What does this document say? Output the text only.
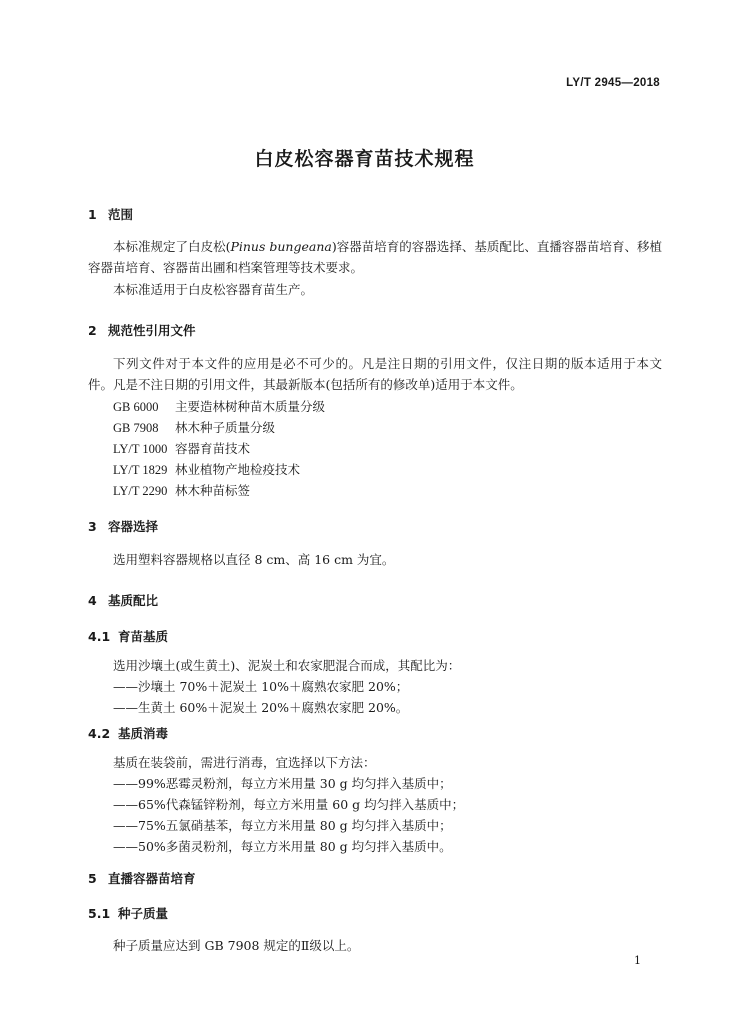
LY/T 2945—2018
白皮松容器育苗技术规程
1 范围
本标准规定了白皮松(Pinus bungeana)容器苗培育的容器选择、基质配比、直播容器苗培育、移植容器苗培育、容器苗出圃和档案管理等技术要求。
本标准适用于白皮松容器育苗生产。
2 规范性引用文件
下列文件对于本文件的应用是必不可少的。凡是注日期的引用文件，仅注日期的版本适用于本文件。凡是不注日期的引用文件，其最新版本(包括所有的修改单)适用于本文件。
GB 6000 主要造林树种苗木质量分级
GB 7908 林木种子质量分级
LY/T 1000 容器育苗技术
LY/T 1829 林业植物产地检疫技术
LY/T 2290 林木种苗标签
3 容器选择
选用塑料容器规格以直径 8 cm、高 16 cm 为宜。
4 基质配比
4.1 育苗基质
选用沙壤土(或生黄土)、泥炭土和农家肥混合而成，其配比为：
——沙壤土 70%＋泥炭土 10%＋腐熟农家肥 20%；
——生黄土 60%＋泥炭土 20%＋腐熟农家肥 20%。
4.2 基质消毒
基质在装袋前，需进行消毒，宜选择以下方法：
——99%恶霉灵粉剂，每立方米用量 30 g 均匀拌入基质中；
——65%代森锰锌粉剂，每立方米用量 60 g 均匀拌入基质中；
——75%五氯硝基苯，每立方米用量 80 g 均匀拌入基质中；
——50%多菌灵粉剂，每立方米用量 80 g 均匀拌入基质中。
5 直播容器苗培育
5.1 种子质量
种子质量应达到 GB 7908 规定的Ⅱ级以上。
1
